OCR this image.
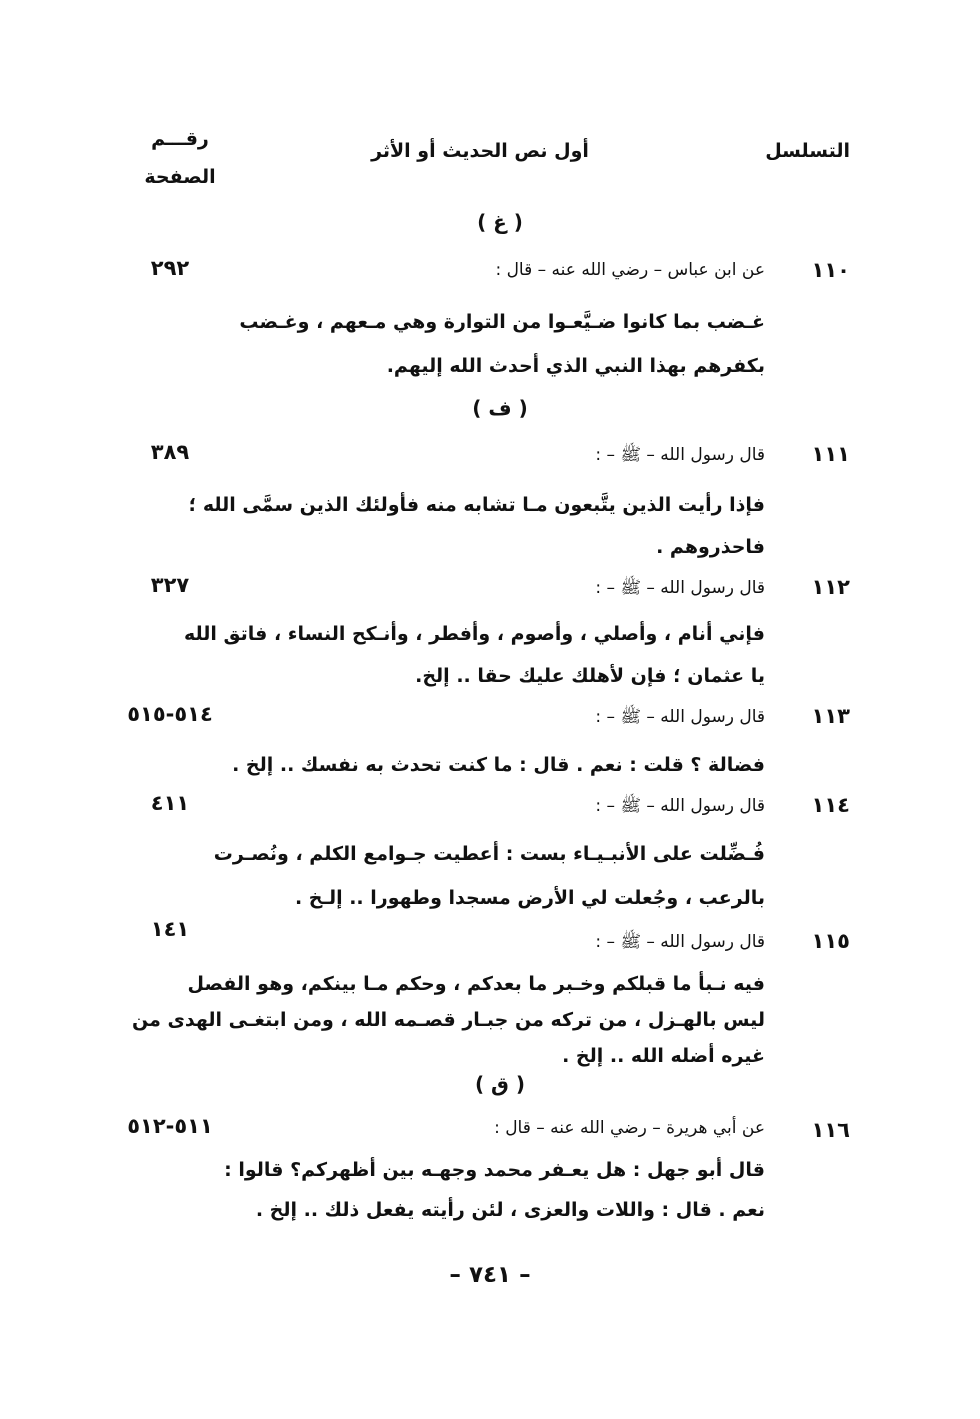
التسلسل
أول نص الحديث أو الأثر
رقـــم
الصفحة
( غ )
١١٠
عن ابن عباس – رضي الله عنه – قال :
٢٩٢
غـضب بما كانوا ضـيَّعـوا من التوارة وهي مـعهم ، وغـضب
بكفرهم بهذا النبي الذي أحدث الله إليهم.
( ف )
١١١
قال رسول الله – ﷺ – :
٣٨٩
فإذا رأيت الذين يتَّبعون مـا تشابه منه فأولئك الذين سمَّى الله ؛
فاحذروهم .
١١٢
قال رسول الله – ﷺ – :
٣٢٧
فإني أنام ، وأصلي ، وأصوم ، وأفطر ، وأنـكح النساء ، فاتق الله
يا عثمان ؛ فإن لأهلك عليك حقا .. إلخ.
١١٣
قال رسول الله – ﷺ – :
٥١٤-٥١٥
فضالة ؟ قلت : نعم . قال : ما كنت تحدث به نفسك .. إلخ .
١١٤
قال رسول الله – ﷺ – :
٤١١
فُـضِّلت على الأنبـيـاء بست : أعطيت جـوامع الكلم ، ونُصـرت
بالرعب ، وجُعلت لي الأرض مسجدا وطهورا .. إلـخ .
١١٥
قال رسول الله – ﷺ – :
١٤١
فيه نـبأ ما قبلكم وخـبر ما بعدكم ، وحكم مـا بينكم، وهو الفصل
ليس بالهـزل ، من تركه من جبـار قصـمه الله ، ومن ابتغـى الهدى من
غيره أضله الله .. إلخ .
( ق )
١١٦
عن أبي هريرة – رضي الله عنه – قال :
٥١١-٥١٢
قال أبو جهل : هل يعـفر محمد وجهـه بين أظهركم؟ قالوا :
نعم . قال : واللات والعزى ، لئن رأيته يفعل ذلك .. إلخ .
– ٧٤١ –
